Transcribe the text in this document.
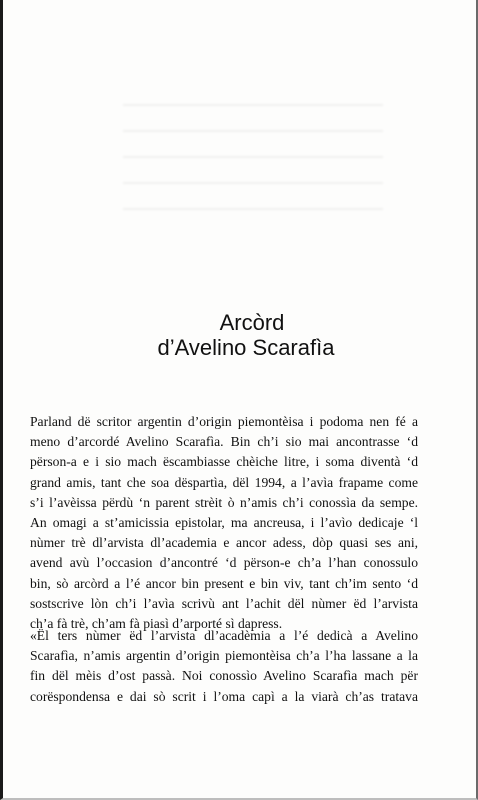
Arcòrd
d’Avelino Scarafìa
Parland dë scritor argentin d’origin piemontèisa i podoma nen fé a
meno d’arcordé Avelino Scarafìa. Bin ch’i sio mai ancontrasse ‘d
përson-a e i sio mach ëscambiasse chèiche litre, i soma diventà ‘d
grand amis, tant che soa dëspartìa, dël 1994, a l’avìa frapame come
s’i l’avèissa përdù ‘n parent strèit ò n’amis ch’i conossìa da sempe.
An omagi a st’amicissia epistolar, ma ancreusa, i l’avìo dedicaje ‘l
nùmer trè dl’arvista dl’academia e ancor adess, dòp quasi ses ani,
avend avù l’occasion d’ancontré ‘d përson-e ch’a l’han conossulo
bin, sò arcòrd a l’é ancor bin present e bin viv, tant ch’im sento ‘d
sostscrive lòn ch’i l’avìa scrivù ant l’achit dël nùmer ëd l’arvista
ch’a fà trè, ch’am fà piasì d’arporté sì dapress.
«Ël ters nùmer ëd l’arvista dl’acadèmia a l’é dedicà a Avelino
Scarafìa, n’amis argentin d’origin piemontèisa ch’a l’ha lassane a la
fin dël mèis d’ost passà. Noi conossìo Avelino Scarafìa mach për
corëspondensa e dai sò scrit i l’oma capì a la viarà ch’as tratava
